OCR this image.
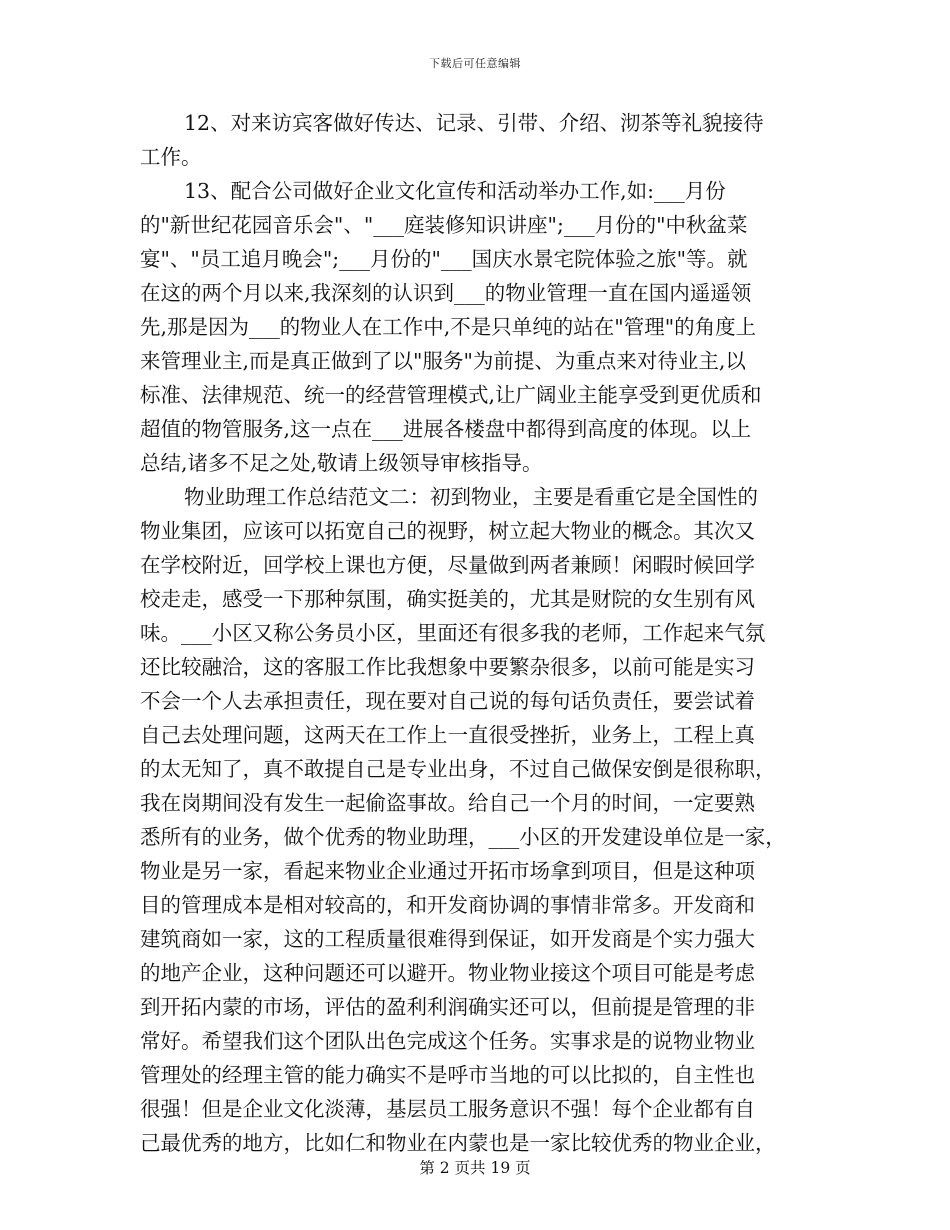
下载后可任意编辑
12、对来访宾客做好传达、记录、引带、介绍、沏茶等礼貌接待
工作。
13、配合公司做好企业文化宣传和活动举办工作,如:___月份
的"新世纪花园音乐会"、"___庭装修知识讲座";___月份的"中秋盆菜
宴"、"员工追月晚会";___月份的"___国庆水景宅院体验之旅"等。就
在这的两个月以来,我深刻的认识到___的物业管理一直在国内遥遥领
先,那是因为___的物业人在工作中,不是只单纯的站在"管理"的角度上
来管理业主,而是真正做到了以"服务"为前提、为重点来对待业主,以
标准、法律规范、统一的经营管理模式,让广阔业主能享受到更优质和
超值的物管服务,这一点在___进展各楼盘中都得到高度的体现。以上
总结,诸多不足之处,敬请上级领导审核指导。
物业助理工作总结范文二：初到物业，主要是看重它是全国性的
物业集团，应该可以拓宽自己的视野，树立起大物业的概念。其次又
在学校附近，回学校上课也方便，尽量做到两者兼顾！闲暇时候回学
校走走，感受一下那种氛围，确实挺美的，尤其是财院的女生别有风
味。___小区又称公务员小区，里面还有很多我的老师，工作起来气氛
还比较融洽，这的客服工作比我想象中要繁杂很多，以前可能是实习
不会一个人去承担责任，现在要对自己说的每句话负责任，要尝试着
自己去处理问题，这两天在工作上一直很受挫折，业务上，工程上真
的太无知了，真不敢提自己是专业出身，不过自己做保安倒是很称职，
我在岗期间没有发生一起偷盗事故。给自己一个月的时间，一定要熟
悉所有的业务，做个优秀的物业助理，___小区的开发建设单位是一家，
物业是另一家，看起来物业企业通过开拓市场拿到项目，但是这种项
目的管理成本是相对较高的，和开发商协调的事情非常多。开发商和
建筑商如一家，这的工程质量很难得到保证，如开发商是个实力强大
的地产企业，这种问题还可以避开。物业物业接这个项目可能是考虑
到开拓内蒙的市场，评估的盈利利润确实还可以，但前提是管理的非
常好。希望我们这个团队出色完成这个任务。实事求是的说物业物业
管理处的经理主管的能力确实不是呼市当地的可以比拟的，自主性也
很强！但是企业文化淡薄，基层员工服务意识不强！每个企业都有自
己最优秀的地方，比如仁和物业在内蒙也是一家比较优秀的物业企业，
第 2 页共 19 页
